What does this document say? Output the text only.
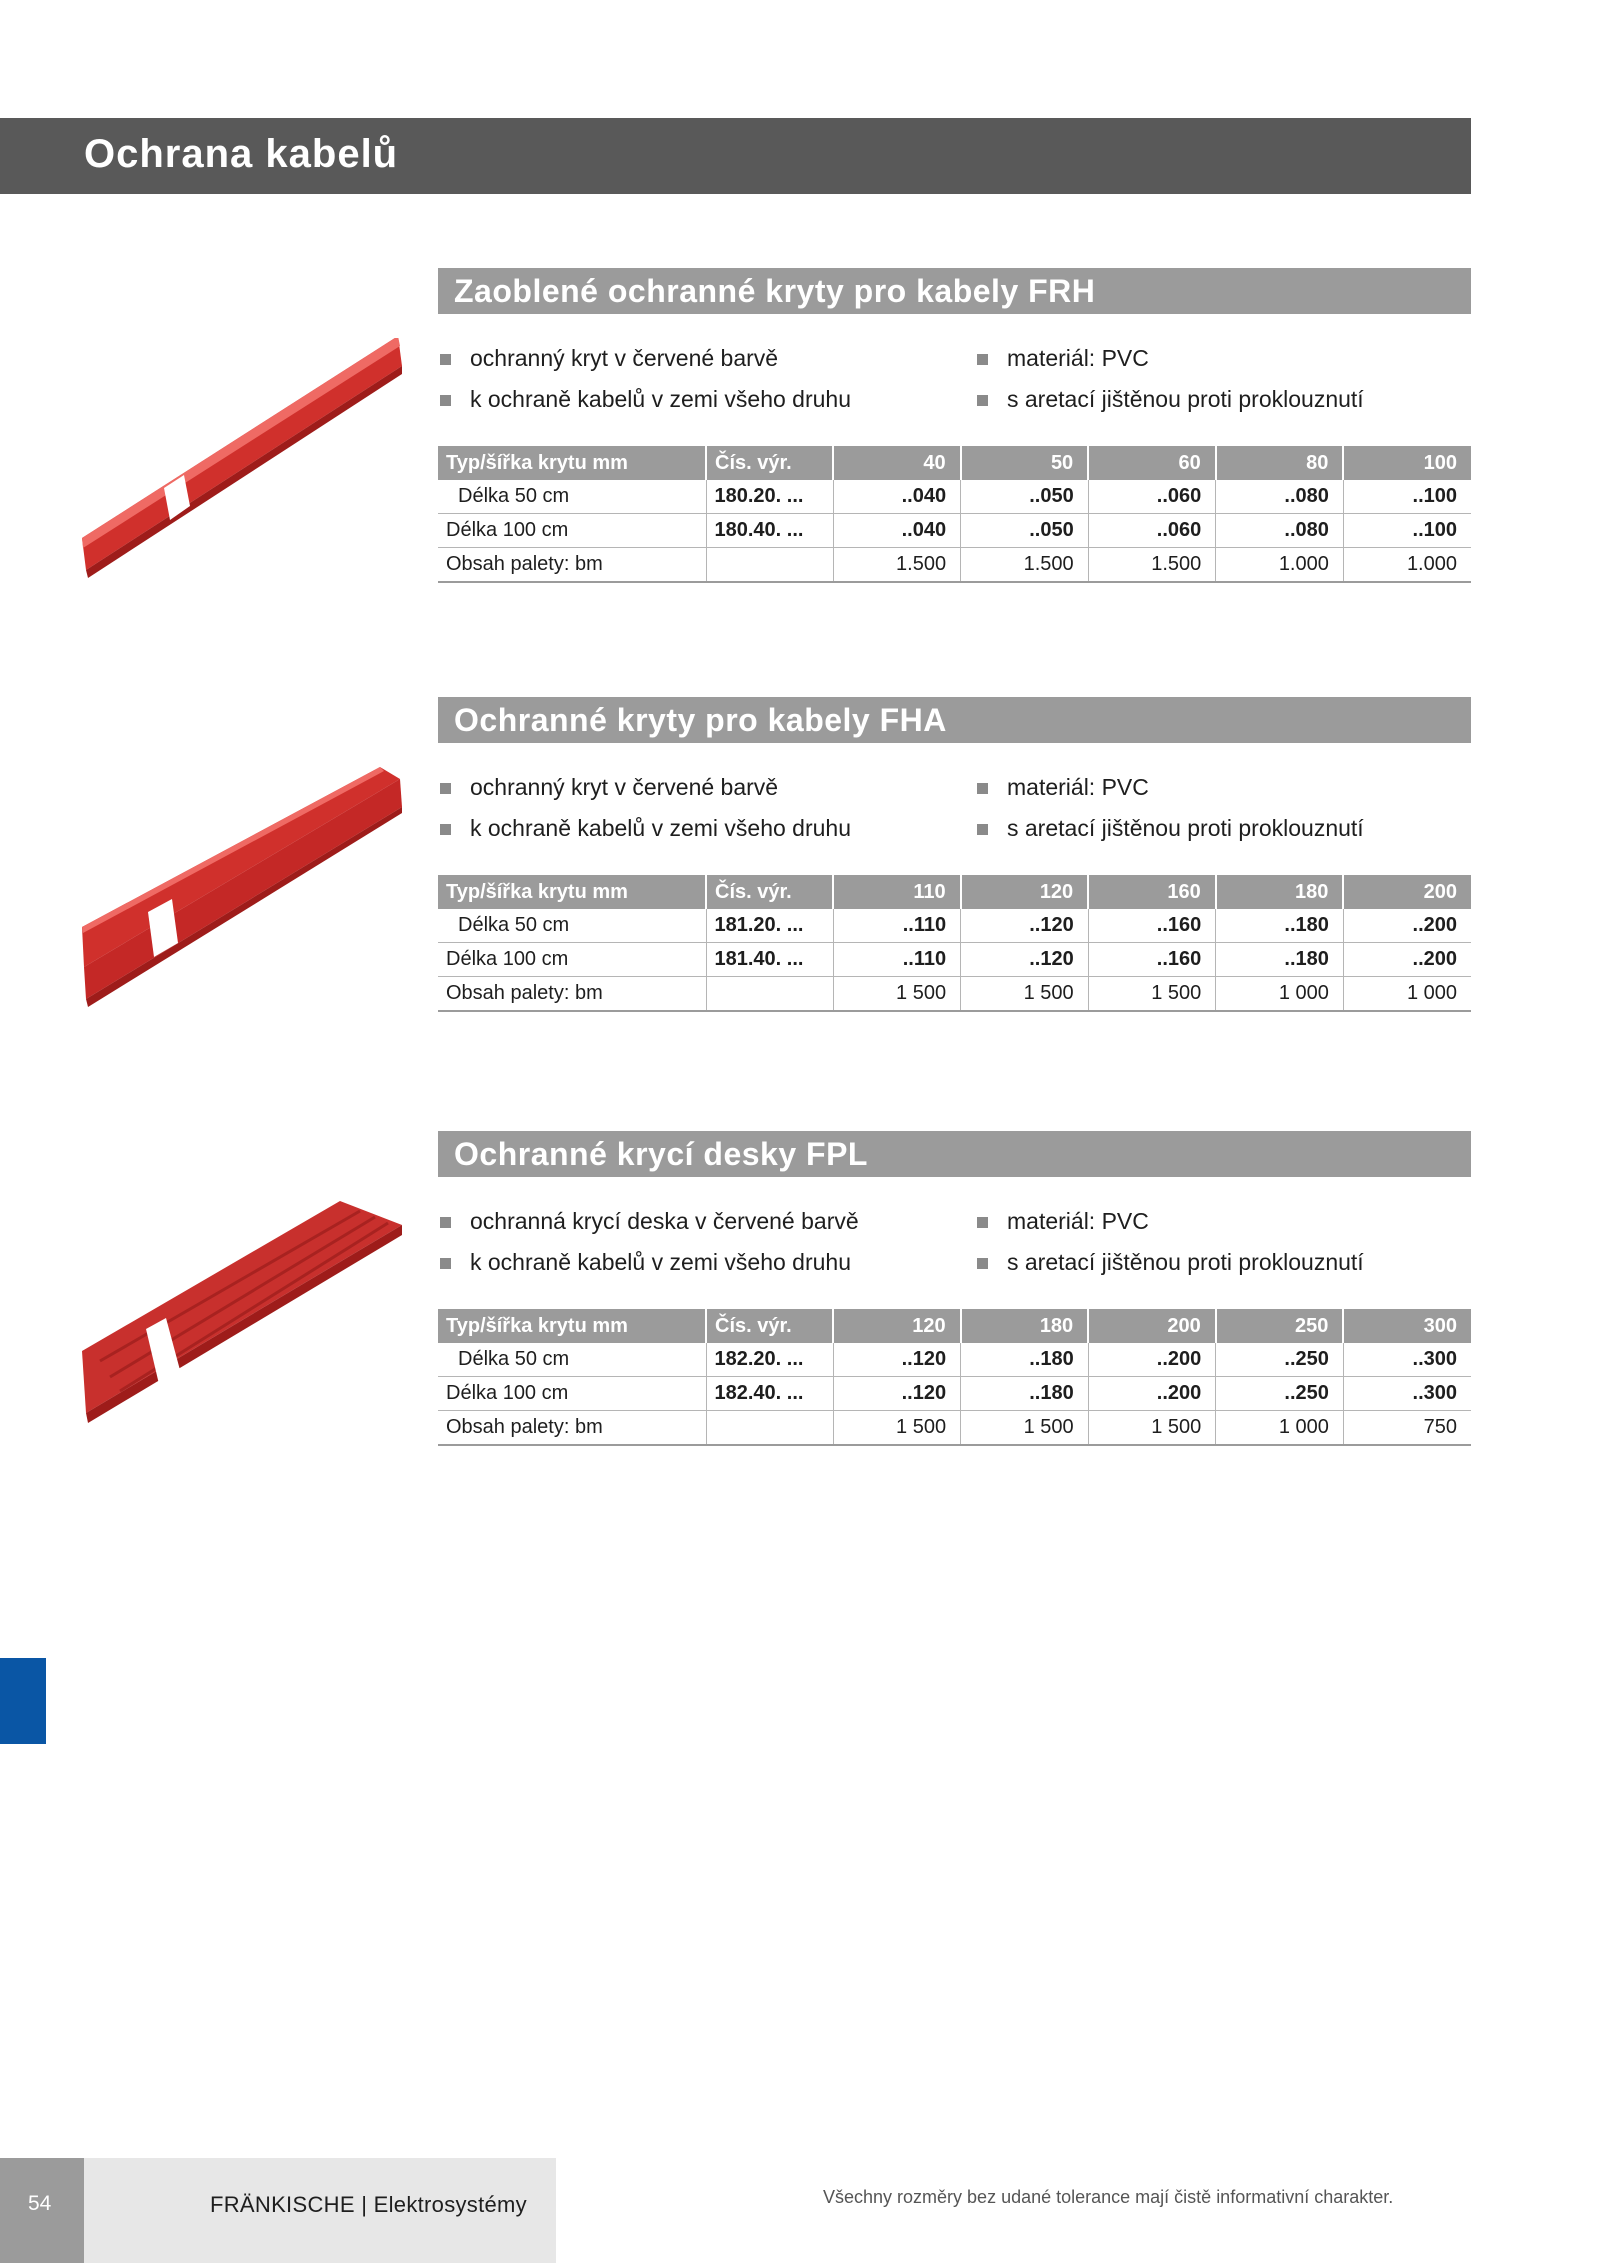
Ochrana kabelů
Zaoblené ochranné kryty pro kabely FRH
ochranný kryt v červené barvě
k ochraně kabelů v zemi všeho druhu
materiál: PVC
s aretací jištěnou proti proklouznutí
Typ/šířka krytu mm	Čís. výr.	40	50	60	80	100
Délka 50 cm	180.20. ...	..040	..050	..060	..080	..100
Délka 100 cm	180.40. ...	..040	..050	..060	..080	..100
Obsah palety: bm		1.500	1.500	1.500	1.000	1.000
Ochranné kryty pro kabely FHA
ochranný kryt v červené barvě
k ochraně kabelů v zemi všeho druhu
materiál: PVC
s aretací jištěnou proti proklouznutí
Typ/šířka krytu mm	Čís. výr.	110	120	160	180	200
Délka 50 cm	181.20. ...	..110	..120	..160	..180	..200
Délka 100 cm	181.40. ...	..110	..120	..160	..180	..200
Obsah palety: bm		1 500	1 500	1 500	1 000	1 000
Ochranné krycí desky FPL
ochranná krycí deska v červené barvě
k ochraně kabelů v zemi všeho druhu
materiál: PVC
s aretací jištěnou proti proklouznutí
Typ/šířka krytu mm	Čís. výr.	120	180	200	250	300
Délka 50 cm	182.20. ...	..120	..180	..200	..250	..300
Délka 100 cm	182.40. ...	..120	..180	..200	..250	..300
Obsah palety: bm		1 500	1 500	1 500	1 000	750
54	FRÄNKISCHE | Elektrosystémy	Všechny rozměry bez udané tolerance mají čistě informativní charakter.
